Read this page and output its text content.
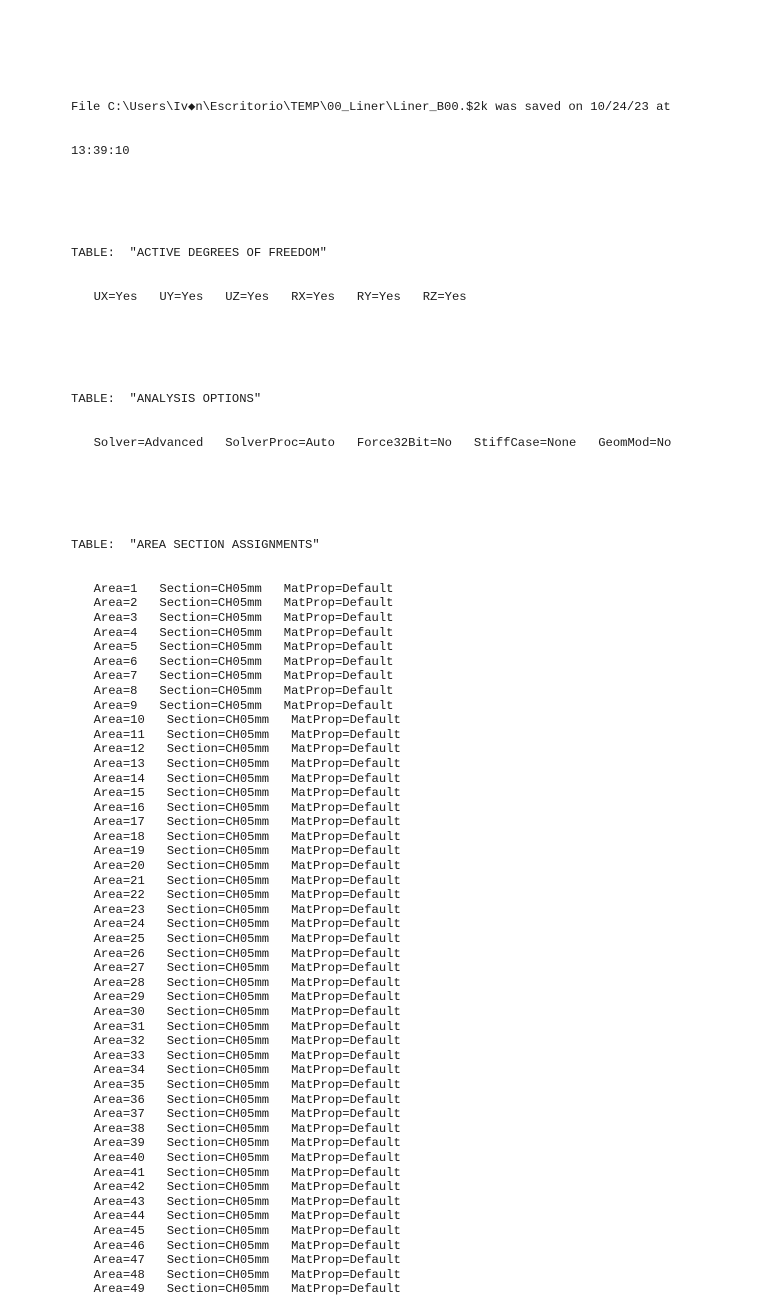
File C:\Users\Iv◆n\Escritorio\TEMP\00_Liner\Liner_B00.$2k was saved on 10/24/23 at

13:39:10

TABLE:  "ACTIVE DEGREES OF FREEDOM"

UX=Yes   UY=Yes   UZ=Yes   RX=Yes   RY=Yes   RZ=Yes

TABLE:  "ANALYSIS OPTIONS"

Solver=Advanced   SolverProc=Auto   Force32Bit=No   StiffCase=None   GeomMod=No

TABLE:  "AREA SECTION ASSIGNMENTS"

Area=1   Section=CH05mm   MatProp=Default
Area=2   Section=CH05mm   MatProp=Default
Area=3   Section=CH05mm   MatProp=Default
Area=4   Section=CH05mm   MatProp=Default
Area=5   Section=CH05mm   MatProp=Default
Area=6   Section=CH05mm   MatProp=Default
Area=7   Section=CH05mm   MatProp=Default
Area=8   Section=CH05mm   MatProp=Default
Area=9   Section=CH05mm   MatProp=Default
Area=10   Section=CH05mm   MatProp=Default
Area=11   Section=CH05mm   MatProp=Default
Area=12   Section=CH05mm   MatProp=Default
Area=13   Section=CH05mm   MatProp=Default
Area=14   Section=CH05mm   MatProp=Default
Area=15   Section=CH05mm   MatProp=Default
Area=16   Section=CH05mm   MatProp=Default
Area=17   Section=CH05mm   MatProp=Default
Area=18   Section=CH05mm   MatProp=Default
Area=19   Section=CH05mm   MatProp=Default
Area=20   Section=CH05mm   MatProp=Default
Area=21   Section=CH05mm   MatProp=Default
Area=22   Section=CH05mm   MatProp=Default
Area=23   Section=CH05mm   MatProp=Default
Area=24   Section=CH05mm   MatProp=Default
Area=25   Section=CH05mm   MatProp=Default
Area=26   Section=CH05mm   MatProp=Default
Area=27   Section=CH05mm   MatProp=Default
Area=28   Section=CH05mm   MatProp=Default
Area=29   Section=CH05mm   MatProp=Default
Area=30   Section=CH05mm   MatProp=Default
Area=31   Section=CH05mm   MatProp=Default
Area=32   Section=CH05mm   MatProp=Default
Area=33   Section=CH05mm   MatProp=Default
Area=34   Section=CH05mm   MatProp=Default
Area=35   Section=CH05mm   MatProp=Default
Area=36   Section=CH05mm   MatProp=Default
Area=37   Section=CH05mm   MatProp=Default
Area=38   Section=CH05mm   MatProp=Default
Area=39   Section=CH05mm   MatProp=Default
Area=40   Section=CH05mm   MatProp=Default
Area=41   Section=CH05mm   MatProp=Default
Area=42   Section=CH05mm   MatProp=Default
Area=43   Section=CH05mm   MatProp=Default
Area=44   Section=CH05mm   MatProp=Default
Area=45   Section=CH05mm   MatProp=Default
Area=46   Section=CH05mm   MatProp=Default
Area=47   Section=CH05mm   MatProp=Default
Area=48   Section=CH05mm   MatProp=Default
Area=49   Section=CH05mm   MatProp=Default
